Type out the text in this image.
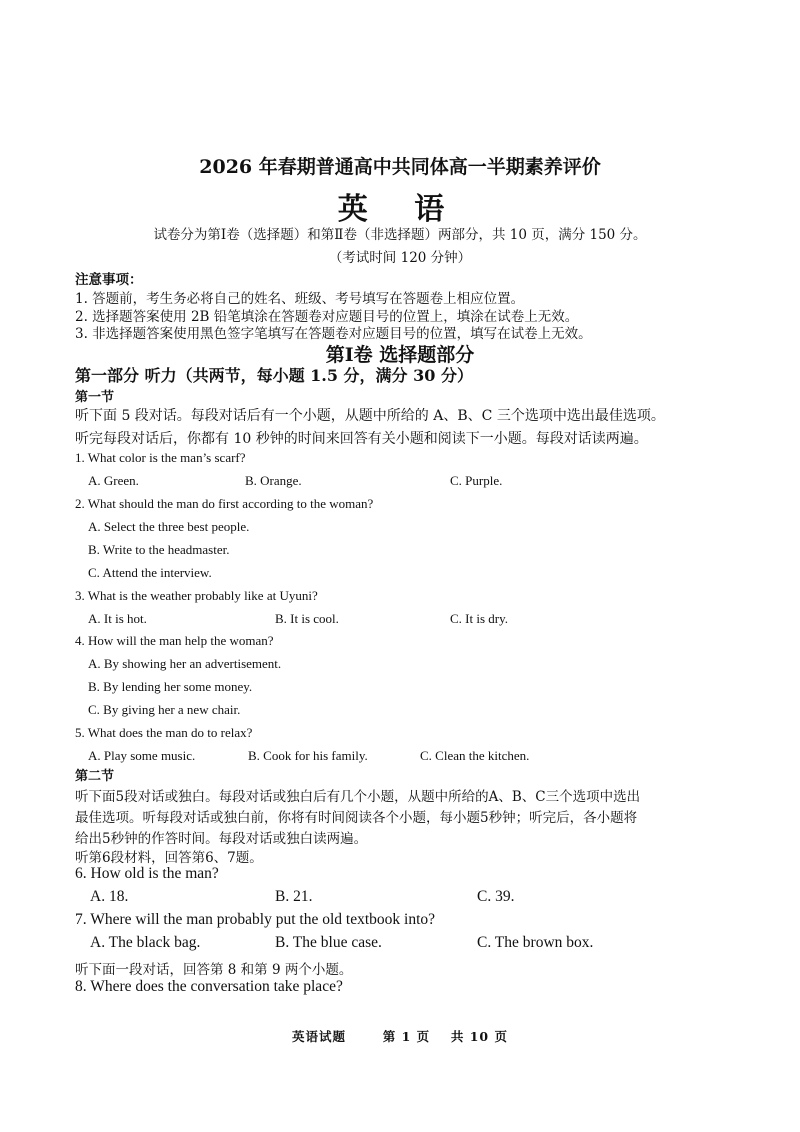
2026 年春期普通高中共同体高一半期素养评价
英 语
试卷分为第Ⅰ卷（选择题）和第Ⅱ卷（非选择题）两部分，共 10 页，满分 150 分。
（考试时间 120 分钟）
注意事项：
1. 答题前，考生务必将自己的姓名、班级、考号填写在答题卷上相应位置。
2. 选择题答案使用 2B 铅笔填涂在答题卷对应题目号的位置上，填涂在试卷上无效。
3. 非选择题答案使用黑色签字笔填写在答题卷对应题目号的位置，填写在试卷上无效。
第Ⅰ卷 选择题部分
第一部分 听力（共两节，每小题 1.5 分，满分 30 分）
第一节
听下面 5 段对话。每段对话后有一个小题，从题中所给的 A、B、C 三个选项中选出最佳选项。
听完每段对话后，你都有 10 秒钟的时间来回答有关小题和阅读下一小题。每段对话读两遍。
1. What color is the man’s scarf?
A. Green.	B. Orange.	C. Purple.
2. What should the man do first according to the woman?
A. Select the three best people.
B. Write to the headmaster.
C. Attend the interview.
3. What is the weather probably like at Uyuni?
A. It is hot.	B. It is cool.	C. It is dry.
4. How will the man help the woman?
A. By showing her an advertisement.
B. By lending her some money.
C. By giving her a new chair.
5. What does the man do to relax?
A. Play some music.	B. Cook for his family.	C. Clean the kitchen.
第二节
听下面5段对话或独白。每段对话或独白后有几个小题，从题中所给的A、B、C三个选项中选出
最佳选项。听每段对话或独白前，你将有时间阅读各个小题，每小题5秒钟；听完后，各小题将
给出5秒钟的作答时间。每段对话或独白读两遍。
听第6段材料，回答第6、7题。
6. How old is the man?
A. 18.	B. 21.	C. 39.
7. Where will the man probably put the old textbook into?
A. The black bag.	B. The blue case.	C. The brown box.
听下面一段对话，回答第 8 和第 9 两个小题。
8. Where does the conversation take place?
英语试题	第 1 页 共 10 页
